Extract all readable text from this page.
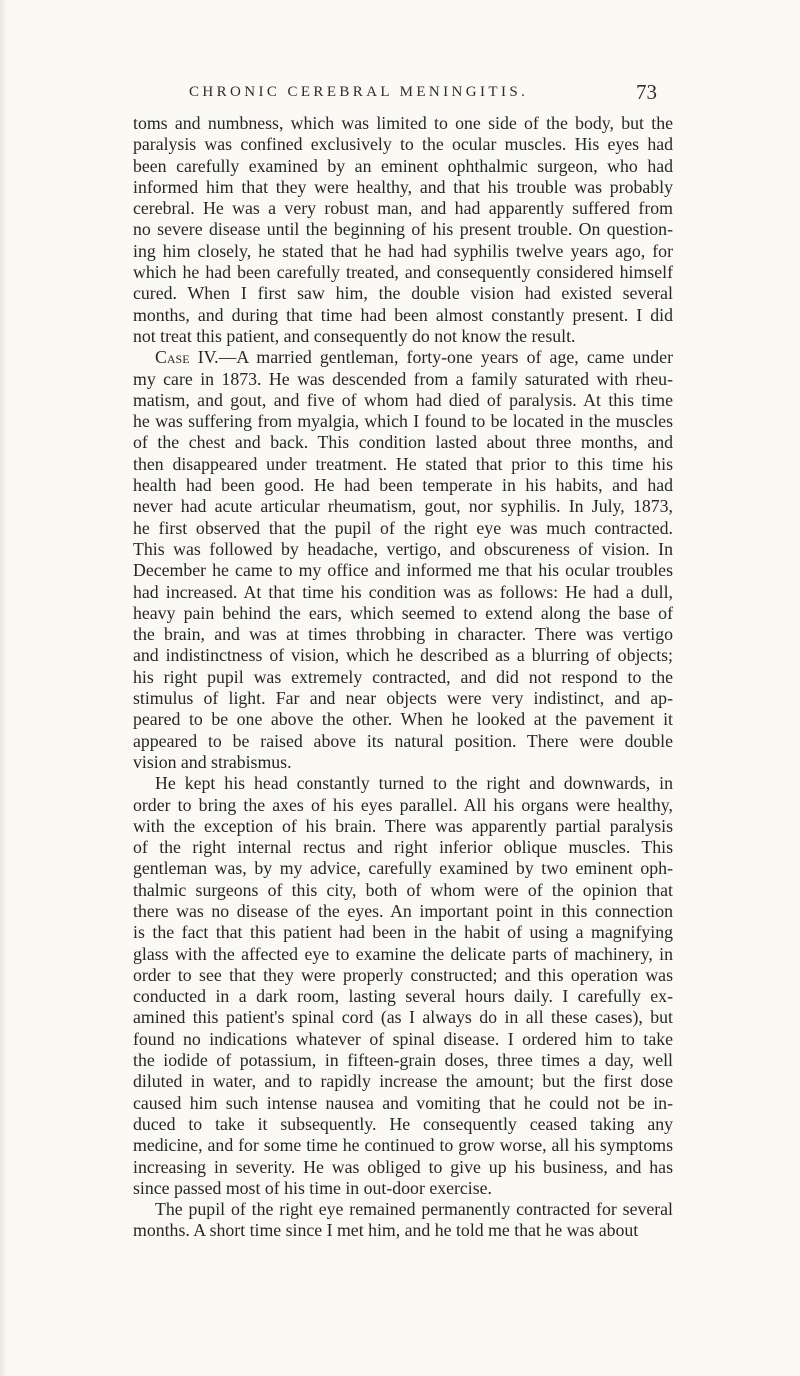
CHRONIC CEREBRAL MENINGITIS.	73
toms and numbness, which was limited to one side of the body, but the
paralysis was confined exclusively to the ocular muscles. His eyes had
been carefully examined by an eminent ophthalmic surgeon, who had
informed him that they were healthy, and that his trouble was probably
cerebral. He was a very robust man, and had apparently suffered from
no severe disease until the beginning of his present trouble. On question-
ing him closely, he stated that he had had syphilis twelve years ago, for
which he had been carefully treated, and consequently considered himself
cured. When I first saw him, the double vision had existed several
months, and during that time had been almost constantly present. I did
not treat this patient, and consequently do not know the result.
Case IV.—A married gentleman, forty-one years of age, came under
my care in 1873. He was descended from a family saturated with rheu-
matism, and gout, and five of whom had died of paralysis. At this time
he was suffering from myalgia, which I found to be located in the muscles
of the chest and back. This condition lasted about three months, and
then disappeared under treatment. He stated that prior to this time his
health had been good. He had been temperate in his habits, and had
never had acute articular rheumatism, gout, nor syphilis. In July, 1873,
he first observed that the pupil of the right eye was much contracted.
This was followed by headache, vertigo, and obscureness of vision. In
December he came to my office and informed me that his ocular troubles
had increased. At that time his condition was as follows: He had a dull,
heavy pain behind the ears, which seemed to extend along the base of
the brain, and was at times throbbing in character. There was vertigo
and indistinctness of vision, which he described as a blurring of objects;
his right pupil was extremely contracted, and did not respond to the
stimulus of light. Far and near objects were very indistinct, and ap-
peared to be one above the other. When he looked at the pavement it
appeared to be raised above its natural position. There were double
vision and strabismus.
He kept his head constantly turned to the right and downwards, in
order to bring the axes of his eyes parallel. All his organs were healthy,
with the exception of his brain. There was apparently partial paralysis
of the right internal rectus and right inferior oblique muscles. This
gentleman was, by my advice, carefully examined by two eminent oph-
thalmic surgeons of this city, both of whom were of the opinion that
there was no disease of the eyes. An important point in this connection
is the fact that this patient had been in the habit of using a magnifying
glass with the affected eye to examine the delicate parts of machinery, in
order to see that they were properly constructed; and this operation was
conducted in a dark room, lasting several hours daily. I carefully ex-
amined this patient's spinal cord (as I always do in all these cases), but
found no indications whatever of spinal disease. I ordered him to take
the iodide of potassium, in fifteen-grain doses, three times a day, well
diluted in water, and to rapidly increase the amount; but the first dose
caused him such intense nausea and vomiting that he could not be in-
duced to take it subsequently. He consequently ceased taking any
medicine, and for some time he continued to grow worse, all his symptoms
increasing in severity. He was obliged to give up his business, and has
since passed most of his time in out-door exercise.
The pupil of the right eye remained permanently contracted for several
months. A short time since I met him, and he told me that he was about
